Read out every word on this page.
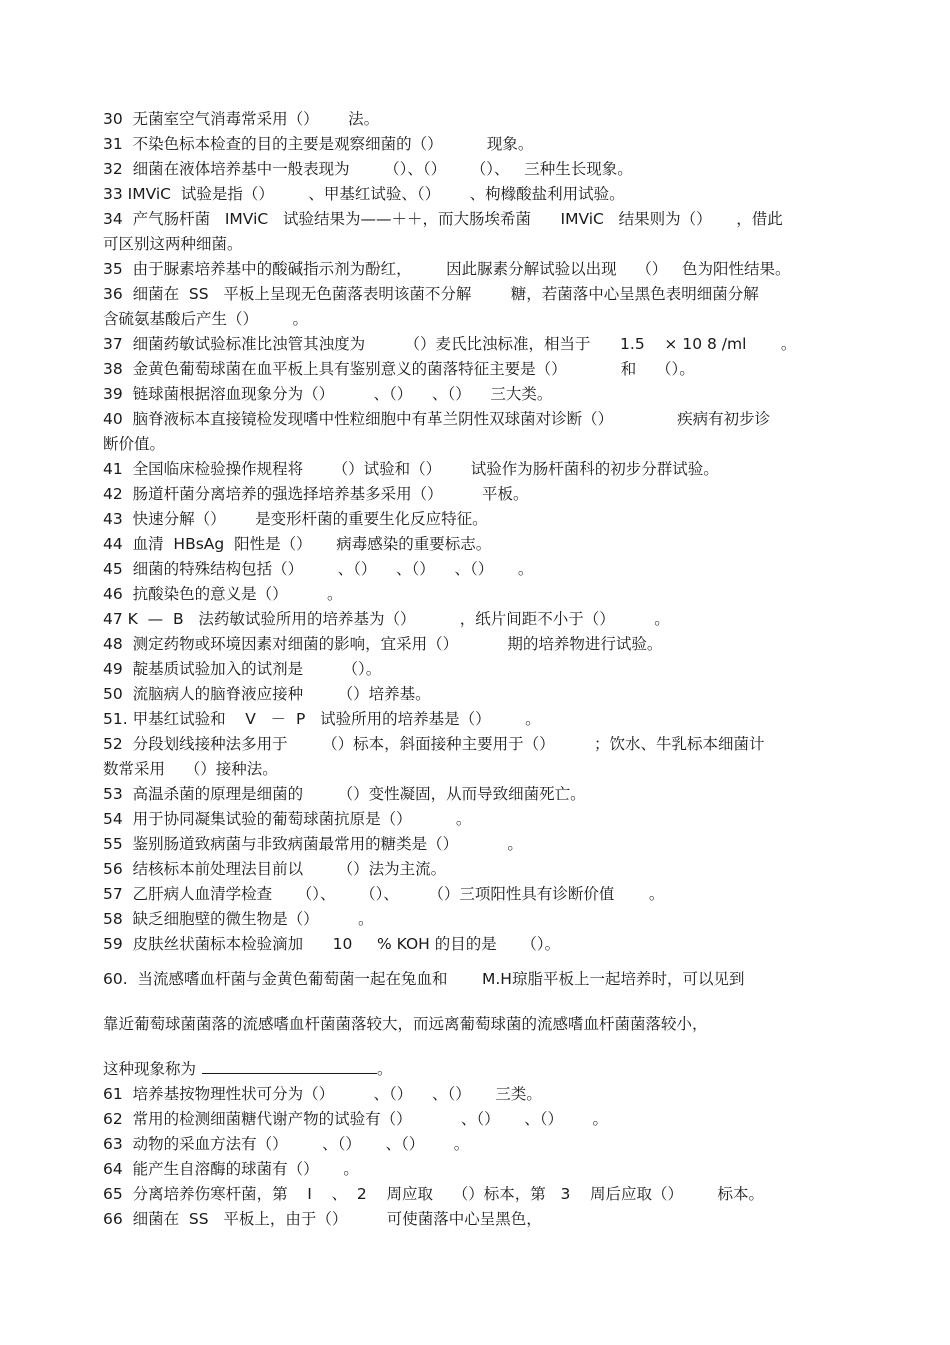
30  无菌室空气消毒常采用（）      法。
31  不染色标本检查的目的主要是观察细菌的（）         现象。
32  细菌在液体培养基中一般表现为       （）、（）     （）、   三种生长现象。
33 IMViC  试验是指（）       、甲基红试验、（）      、枸橼酸盐利用试验。
34  产气肠杆菌   IMViC   试验结果为——＋＋，而大肠埃希菌      IMViC   结果则为（）     ，借此
可区别这两种细菌。
35  由于脲素培养基中的酸碱指示剂为酚红，       因此脲素分解试验以出现    （）   色为阳性结果。
36  细菌在  SS   平板上呈现无色菌落表明该菌不分解        糖，若菌落中心呈黑色表明细菌分解
含硫氨基酸后产生（）       。
37  细菌药敏试验标准比浊管其浊度为        （）麦氏比浊标准，相当于      1.5    × 10 8 /ml       。
38  金黄色葡萄球菌在血平板上具有鉴别意义的菌落特征主要是（）           和    （）。
39  链球菌根据溶血现象分为（）        、（）    、（）    三大类。
40  脑脊液标本直接镜检发现嗜中性粒细胞中有革兰阴性双球菌对诊断（）             疾病有初步诊
断价值。
41  全国临床检验操作规程将      （）试验和（）      试验作为肠杆菌科的初步分群试验。
42  肠道杆菌分离培养的强选择培养基多采用（）        平板。
43  快速分解（）      是变形杆菌的重要生化反应特征。
44  血清  HBsAg  阳性是（）     病毒感染的重要标志。
45  细菌的特殊结构包括（）       、（）    、（）    、（）     。
46  抗酸染色的意义是（）        。
47 K  —  B   法药敏试验所用的培养基为（）         ，纸片间距不小于（）        。
48  测定药物或环境因素对细菌的影响，宜采用（）          期的培养物进行试验。
49  靛基质试验加入的试剂是        （）。
50  流脑病人的脑脊液应接种       （）培养基。
51. 甲基红试验和    V   －  P   试验所用的培养基是（）       。
52  分段划线接种法多用于       （）标本，斜面接种主要用于（）        ；饮水、牛乳标本细菌计
数常采用    （）接种法。
53  高温杀菌的原理是细菌的       （）变性凝固，从而导致细菌死亡。
54  用于协同凝集试验的葡萄球菌抗原是（）         。
55  鉴别肠道致病菌与非致病菌最常用的糖类是（）          。
56  结核标本前处理法目前以       （）法为主流。
57  乙肝病人血清学检查     （）、     （）、      （）三项阳性具有诊断价值       。
58  缺乏细胞壁的微生物是（）        。
59  皮肤丝状菌标本检验滴加      10     % KOH 的目的是     （）。
60.  当流感嗜血杆菌与金黄色葡萄菌一起在兔血和       M.H琼脂平板上一起培养时，可以见到
靠近葡萄球菌菌落的流感嗜血杆菌菌落较大，而远离葡萄球菌的流感嗜血杆菌菌落较小，
这种现象称为	。
61  培养基按物理性状可分为（）        、（）    、（）     三类。
62  常用的检测细菌糖代谢产物的试验有（）          、（）     、（）      。
63  动物的采血方法有（）       、（）     、（）      。
64  能产生自溶酶的球菌有（）     。
65  分离培养伤寒杆菌，第    I    、  2    周应取    （）标本，第   3    周后应取（）       标本。
66  细菌在  SS   平板上，由于（）        可使菌落中心呈黑色，
